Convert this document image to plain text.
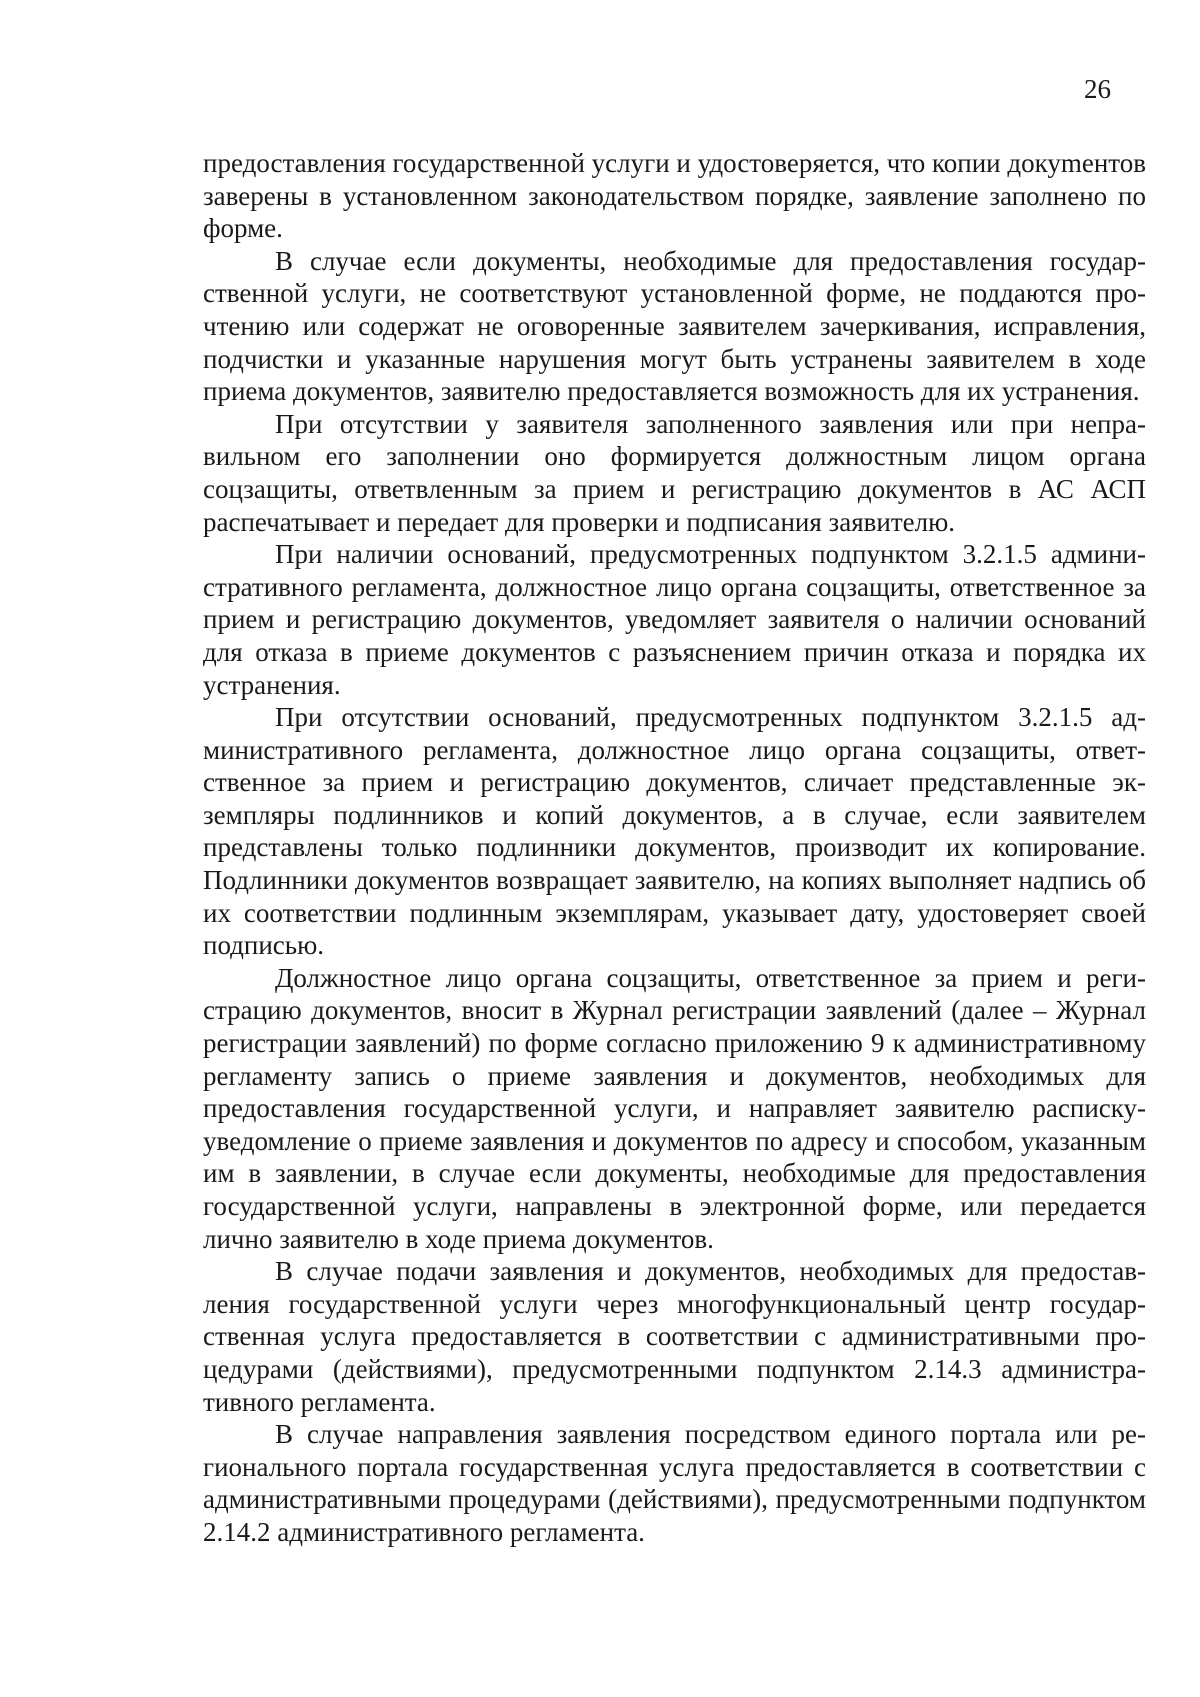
26

предоставления государственной услуги и удостоверяется, что копии докуmентов заверены в установленном законодательством порядке, заявление заполнено по форме.

В случае если документы, необходимые для предоставления государственной услуги, не соответствуют установленной форме, не поддаются прочтению или содержат не оговоренные заявителем зачеркивания, исправления, подчистки и указанные нарушения могут быть устранены заявителем в ходе приема документов, заявителю предоставляется возможность для их устранения.

При отсутствии у заявителя заполненного заявления или при неправильном его заполнении оно формируется должностным лицом органа соцзащиты, ответвленным за прием и регистрацию документов в АС АСП распечатывает и передает для проверки и подписания заявителю.

При наличии оснований, предусмотренных подпунктом 3.2.1.5 административного регламента, должностное лицо органа соцзащиты, ответственное за прием и регистрацию документов, уведомляет заявителя о наличии оснований для отказа в приеме документов с разъяснением причин отказа и порядка их устранения.

При отсутствии оснований, предусмотренных подпунктом 3.2.1.5 административного регламента, должностное лицо органа соцзащиты, ответственное за прием и регистрацию документов, сличает представленные экземпляры подлинников и копий документов, а в случае, если заявителем представлены только подлинники документов, производит их копирование. Подлинники документов возвращает заявителю, на копиях выполняет надпись об их соответствии подлинным экземплярам, указывает дату, удостоверяет своей подписью.

Должностное лицо органа соцзащиты, ответственное за прием и регистрацию документов, вносит в Журнал регистрации заявлений (далее – Журнал регистрации заявлений) по форме согласно приложению 9 к административному регламенту запись о приеме заявления и документов, необходимых для предоставления государственной услуги, и направляет заявителю расписку-уведомление о приеме заявления и документов по адресу и способом, указанным им в заявлении, в случае если документы, необходимые для предоставления государственной услуги, направлены в электронной форме, или передается лично заявителю в ходе приема документов.

В случае подачи заявления и документов, необходимых для предоставления государственной услуги через многофункциональный центр государственная услуга предоставляется в соответствии с административными процедурами (действиями), предусмотренными подпунктом 2.14.3 административного регламента.

В случае направления заявления посредством единого портала или регионального портала государственная услуга предоставляется в соответствии с административными процедурами (действиями), предусмотренными подпунктом 2.14.2 административного регламента.
